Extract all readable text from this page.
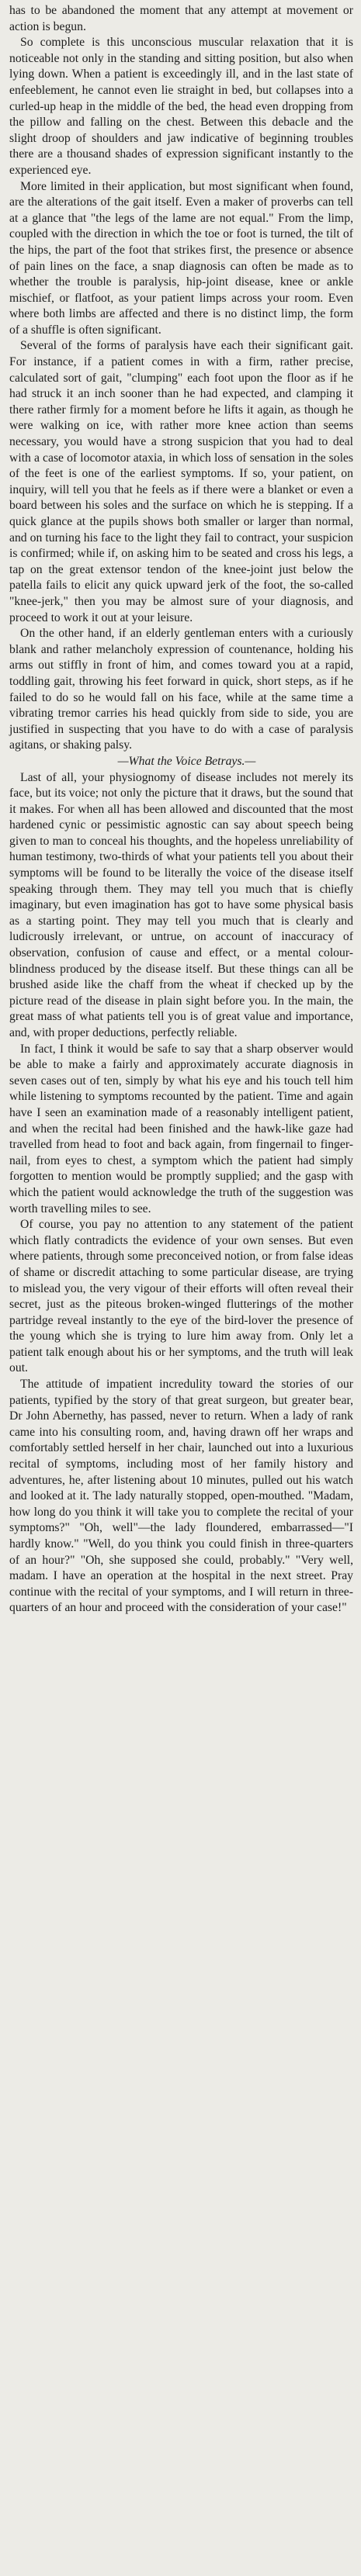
has to be abandoned the moment that any attempt at movement or action is begun.

So complete is this unconscious muscular relaxation that it is noticeable not only in the standing and sitting position, but also when lying down. When a patient is exceedingly ill, and in the last state of enfeeblement, he cannot even lie straight in bed, but collapses into a curled-up heap in the middle of the bed, the head even dropping from the pillow and falling on the chest. Between this debacle and the slight droop of shoulders and jaw indicative of beginning troubles there are a thousand shades of expression significant instantly to the experienced eye.

More limited in their application, but most significant when found, are the alterations of the gait itself. Even a maker of proverbs can tell at a glance that "the legs of the lame are not equal." From the limp, coupled with the direction in which the toe or foot is turned, the tilt of the hips, the part of the foot that strikes first, the presence or absence of pain lines on the face, a snap diagnosis can often be made as to whether the trouble is paralysis, hip-joint disease, knee or ankle mischief, or flatfoot, as your patient limps across your room. Even where both limbs are affected and there is no distinct limp, the form of a shuffle is often significant.

Several of the forms of paralysis have each their significant gait. For instance, if a patient comes in with a firm, rather precise, calculated sort of gait, "clumping" each foot upon the floor as if he had struck it an inch sooner than he had expected, and clamping it there rather firmly for a moment before he lifts it again, as though he were walking on ice, with rather more knee action than seems necessary, you would have a strong suspicion that you had to deal with a case of locomotor ataxia, in which loss of sensation in the soles of the feet is one of the earliest symptoms. If so, your patient, on inquiry, will tell you that he feels as if there were a blanket or even a board between his soles and the surface on which he is stepping. If a quick glance at the pupils shows both smaller or larger than normal, and on turning his face to the light they fail to contract, your suspicion is confirmed; while if, on asking him to be seated and cross his legs, a tap on the great extensor tendon of the knee-joint just below the patella fails to elicit any quick upward jerk of the foot, the so-called "knee-jerk," then you may be almost sure of your diagnosis, and proceed to work it out at your leisure.

On the other hand, if an elderly gentleman enters with a curiously blank and rather melancholy expression of countenance, holding his arms out stiffly in front of him, and comes toward you at a rapid, toddling gait, throwing his feet forward in quick, short steps, as if he failed to do so he would fall on his face, while at the same time a vibrating tremor carries his head quickly from side to side, you are justified in suspecting that you have to do with a case of paralysis agitans, or shaking palsy.

—What the Voice Betrays.—

Last of all, your physiognomy of disease includes not merely its face, but its voice; not only the picture that it draws, but the sound that it makes. For when all has been allowed and discounted that the most hardened cynic or pessimistic agnostic can say about speech being given to man to conceal his thoughts, and the hopeless unreliability of human testimony, two-thirds of what your patients tell you about their symptoms will be found to be literally the voice of the disease itself speaking through them. They may tell you much that is chiefly imaginary, but even imagination has got to have some physical basis as a starting point. They may tell you much that is clearly and ludicrously irrelevant, or untrue, on account of inaccuracy of observation, confusion of cause and effect, or a mental colour-blindness produced by the disease itself. But these things can all be brushed aside like the chaff from the wheat if checked up by the picture read of the disease in plain sight before you. In the main, the great mass of what patients tell you is of great value and importance, and, with proper deductions, perfectly reliable.

In fact, I think it would be safe to say that a sharp observer would be able to make a fairly and approximately accurate diagnosis in seven cases out of ten, simply by what his eye and his touch tell him while listening to symptoms recounted by the patient. Time and again have I seen an examination made of a reasonably intelligent patient, and when the recital had been finished and the hawk-like gaze had travelled from head to foot and back again, from fingernail to finger-nail, from eyes to chest, a symptom which the patient had simply forgotten to mention would be promptly supplied; and the gasp with which the patient would acknowledge the truth of the suggestion was worth travelling miles to see.

Of course, you pay no attention to any statement of the patient which flatly contradicts the evidence of your own senses. But even where patients, through some preconceived notion, or from false ideas of shame or discredit attaching to some particular disease, are trying to mislead you, the very vigour of their efforts will often reveal their secret, just as the piteous broken-winged flutterings of the mother partridge reveal instantly to the eye of the bird-lover the presence of the young which she is trying to lure him away from. Only let a patient talk enough about his or her symptoms, and the truth will leak out.

The attitude of impatient incredulity toward the stories of our patients, typified by the story of that great surgeon, but greater bear, Dr John Abernethy, has passed, never to return. When a lady of rank came into his consulting room, and, having drawn off her wraps and comfortably settled herself in her chair, launched out into a luxurious recital of symptoms, including most of her family history and adventures, he, after listening about 10 minutes, pulled out his watch and looked at it. The lady naturally stopped, open-mouthed. "Madam, how long do you think it will take you to complete the recital of your symptoms?" "Oh, well"—the lady floundered, embarrassed—"I hardly know." "Well, do you think you could finish in three-quarters of an hour?" "Oh, she supposed she could, probably." "Very well, madam. I have an operation at the hospital in the next street. Pray continue with the recital of your symptoms, and I will return in three-quarters of an hour and proceed with the consideration of your case!"
